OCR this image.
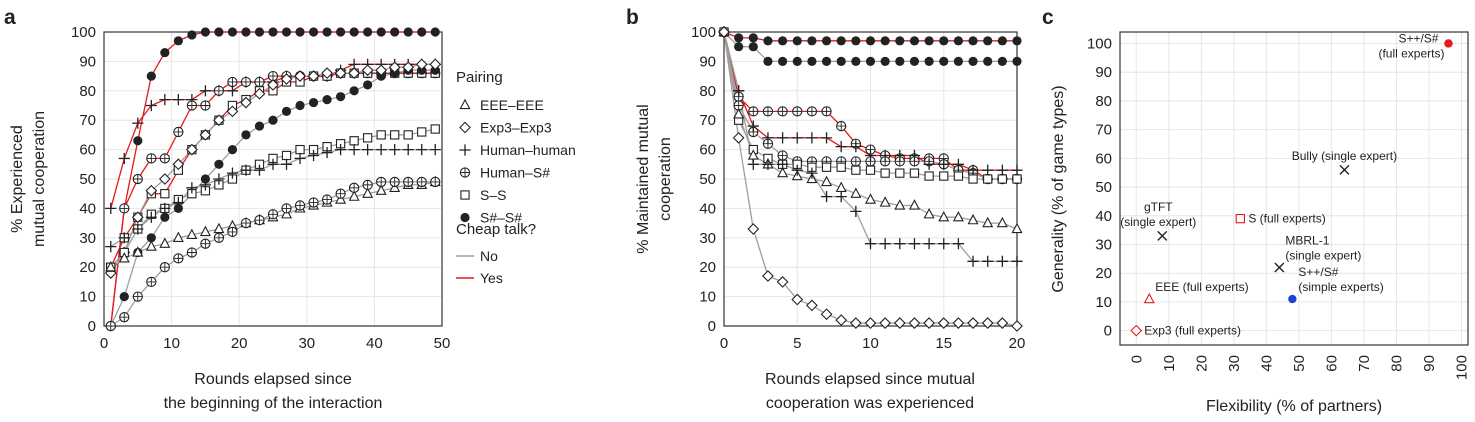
a	b	c
0
10
20
30
40
50
60
70
80
90
100
0	10	20	30	40	50
Rounds elapsed since
the beginning of the interaction
% Experienced mutual cooperation
Pairing
EEE–EEE
Exp3–Exp3
Human–human
Human–S#
S–S
S#–S#
Cheap talk?
No
Yes
0
10
20
30
40
50
60
70
80
90
100
0	5	10	15	20
Rounds elapsed since mutual
cooperation was experienced
% Maintained mutual cooperation
S++/S#
(full experts)
Bully (single expert)
gTFT
(single expert)	S (full experts)
MBRL-1
(single expert)
EEE (full experts)
S++/S#
(simple experts)
Exp3 (full experts)
0
10
20
30
40
50
60
70
80
90
100
0 10 20 30 40 50 60 70 80 90 100
Flexibility (% of partners)
Generality (% of game types)
